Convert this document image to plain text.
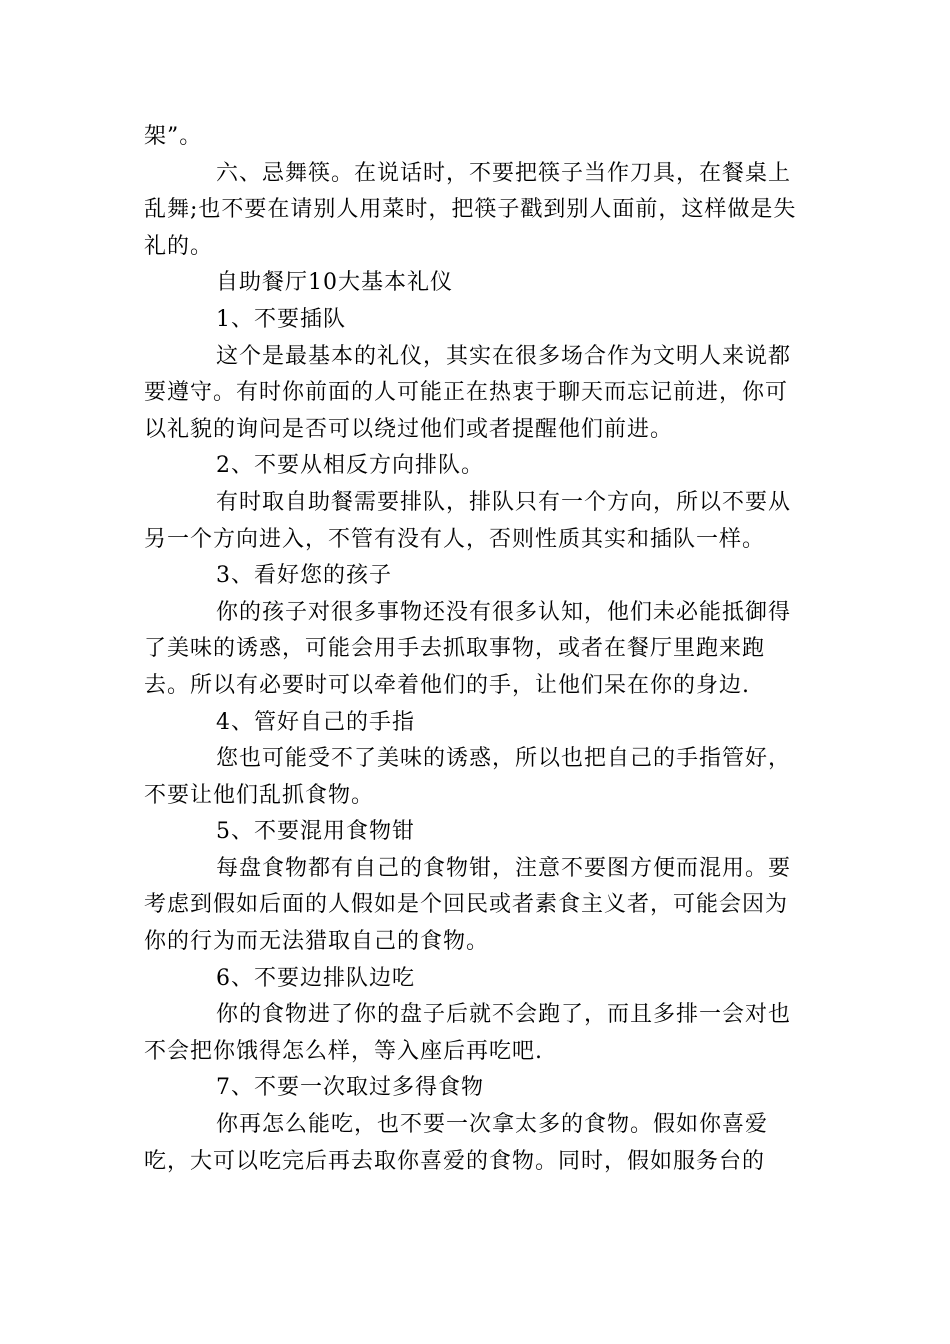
架”。

六、忌舞筷。在说话时，不要把筷子当作刀具，在餐桌上乱舞;也不要在请别人用菜时，把筷子戳到别人面前，这样做是失礼的。

自助餐厅10大基本礼仪

1、不要插队

这个是最基本的礼仪，其实在很多场合作为文明人来说都要遵守。有时你前面的人可能正在热衷于聊天而忘记前进，你可以礼貌的询问是否可以绕过他们或者提醒他们前进。

2、不要从相反方向排队。

有时取自助餐需要排队，排队只有一个方向，所以不要从另一个方向进入，不管有没有人，否则性质其实和插队一样。

3、看好您的孩子

你的孩子对很多事物还没有很多认知，他们未必能抵御得了美味的诱惑，可能会用手去抓取事物，或者在餐厅里跑来跑去。所以有必要时可以牵着他们的手，让他们呆在你的身边.

4、管好自己的手指

您也可能受不了美味的诱惑，所以也把自己的手指管好，不要让他们乱抓食物。

5、不要混用食物钳

每盘食物都有自己的食物钳，注意不要图方便而混用。要考虑到假如后面的人假如是个回民或者素食主义者，可能会因为你的行为而无法猎取自己的食物。

6、不要边排队边吃

你的食物进了你的盘子后就不会跑了，而且多排一会对也不会把你饿得怎么样，等入座后再吃吧.

7、不要一次取过多得食物

你再怎么能吃，也不要一次拿太多的食物。假如你喜爱吃，大可以吃完后再去取你喜爱的食物。同时，假如服务台的
